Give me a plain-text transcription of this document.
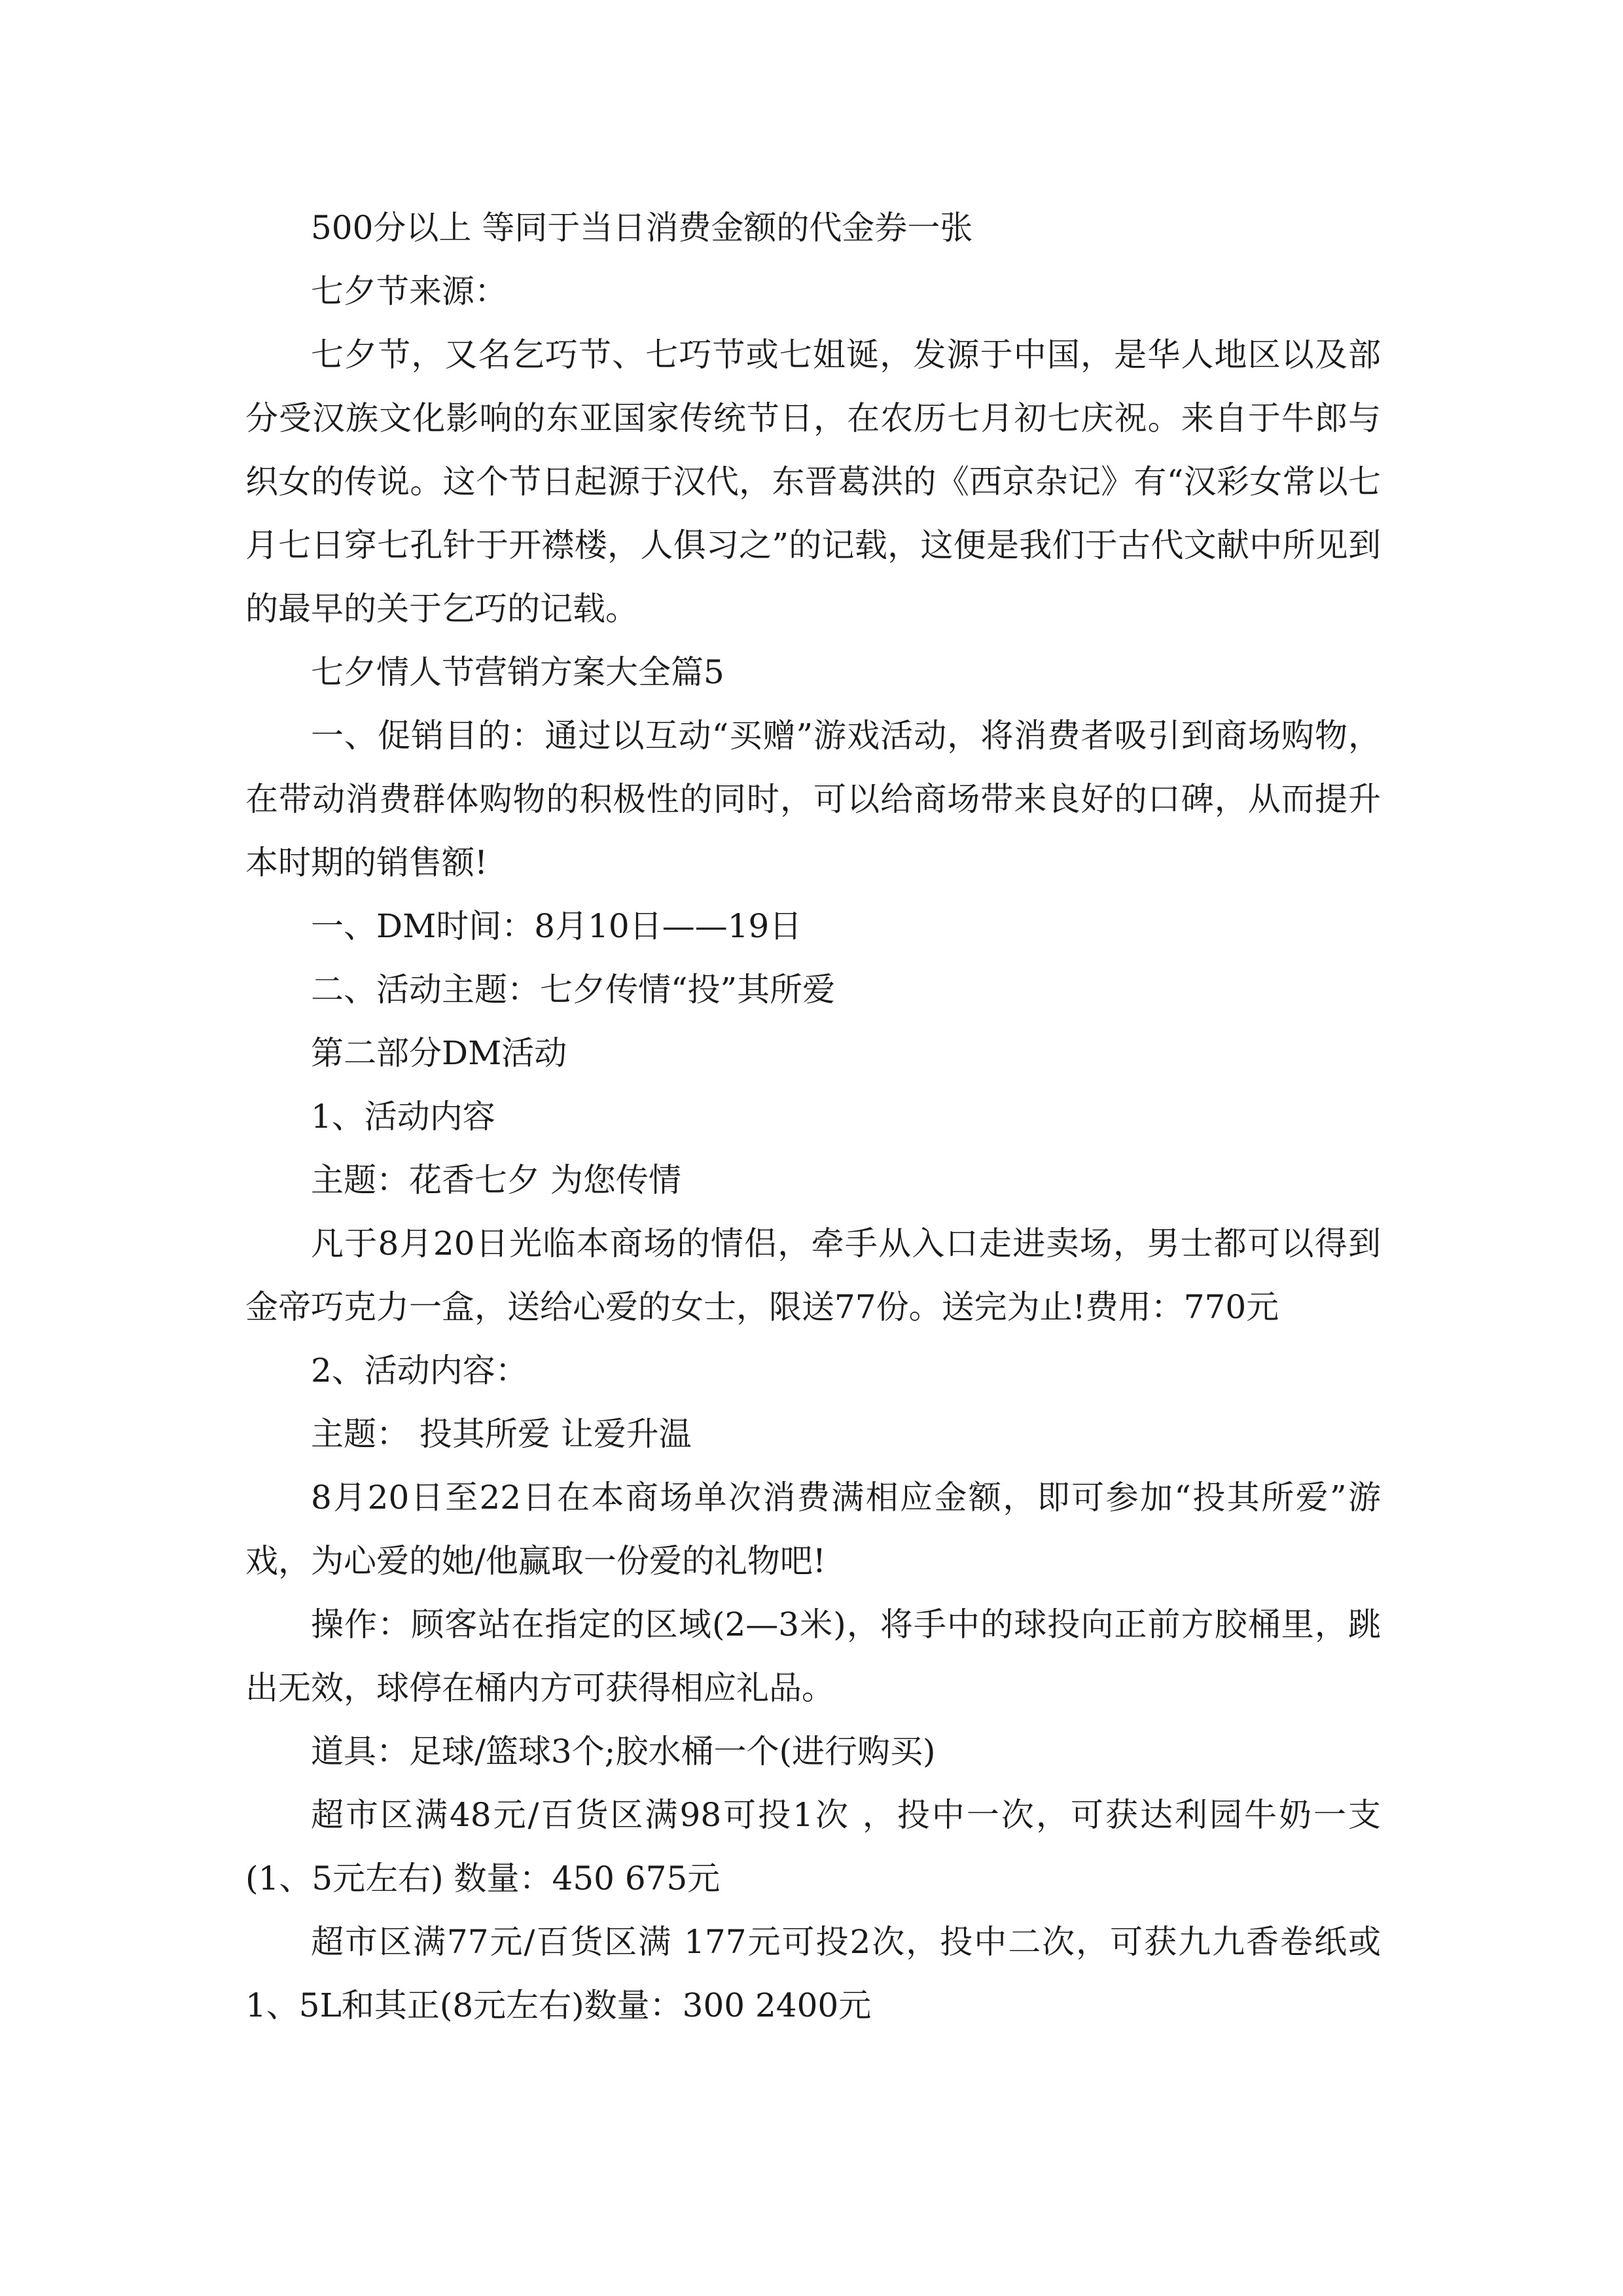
500分以上 等同于当日消费金额的代金券一张

七夕节来源：

七夕节，又名乞巧节、七巧节或七姐诞，发源于中国，是华人地区以及部分受汉族文化影响的东亚国家传统节日，在农历七月初七庆祝。来自于牛郎与织女的传说。这个节日起源于汉代，东晋葛洪的《西京杂记》有“汉彩女常以七月七日穿七孔针于开襟楼，人俱习之”的记载，这便是我们于古代文献中所见到的最早的关于乞巧的记载。

七夕情人节营销方案大全篇5

一、促销目的：通过以互动“买赠”游戏活动，将消费者吸引到商场购物，在带动消费群体购物的积极性的同时，可以给商场带来良好的口碑，从而提升本时期的销售额!

一、DM时间：8月10日——19日

二、活动主题：七夕传情“投”其所爱

第二部分DM活动

1、活动内容

主题：花香七夕 为您传情

凡于8月20日光临本商场的情侣，牵手从入口走进卖场，男士都可以得到金帝巧克力一盒，送给心爱的女士，限送77份。送完为止!费用：770元

2、活动内容：

主题： 投其所爱 让爱升温

8月20日至22日在本商场单次消费满相应金额，即可参加“投其所爱”游戏，为心爱的她/他赢取一份爱的礼物吧!

操作：顾客站在指定的区域(2—3米)，将手中的球投向正前方胶桶里，跳出无效，球停在桶内方可获得相应礼品。

道具：足球/篮球3个;胶水桶一个(进行购买)

超市区满48元/百货区满98可投1次 ，投中一次，可获达利园牛奶一支(1、5元左右) 数量：450 675元

超市区满77元/百货区满 177元可投2次，投中二次，可获九九香卷纸或1、5L和其正(8元左右)数量：300 2400元
